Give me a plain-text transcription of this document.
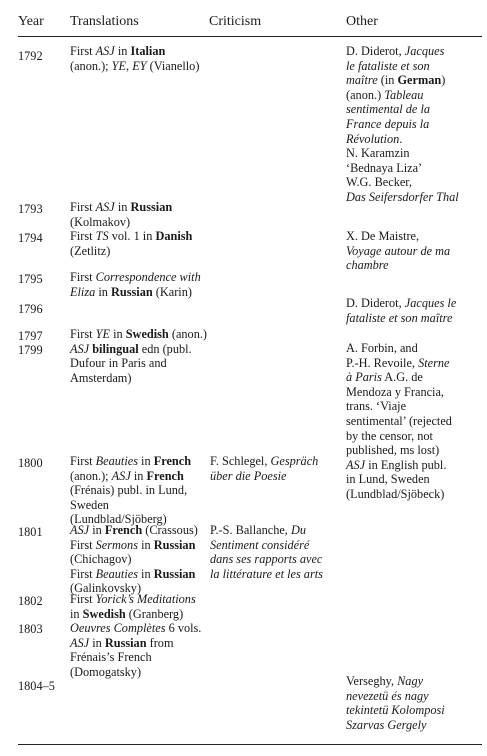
Year Translations	Criticism	Other
1792
1793
1794
1795
1796
1797
1799
1800
1801
1802
1803
1804–5
First ASJ in Italian
(anon.); YE, EY (Vianello)
D. Diderot, Jacques
le fataliste et son
maître (in German)
(anon.) Tableau
sentimental de la
France depuis la
Révolution.
N. Karamzin
‘Bednaya Liza’
W.G. Becker,
Das Seifersdorfer Thal
First ASJ in Russian
(Kolmakov)
First TS vol. 1 in Danish
(Zetlitz)
X. De Maistre,
Voyage autour de ma
chambre
First Correspondence with
Eliza in Russian (Karin)
D. Diderot, Jacques le
fataliste et son maître
First YE in Swedish (anon.)
ASJ bilingual edn (publ.
Dufour in Paris and
Amsterdam)
A. Forbin, and
P.-H. Revoile, Sterne
à Paris A.G. de
Mendoza y Francia,
trans. ‘Viaje
sentimental’ (rejected
by the censor, not
published, ms lost)
ASJ in English publ.
in Lund, Sweden
(Lundblad/Sjöbeck)
First Beauties in French
(anon.); ASJ in French
(Frénais) publ. in Lund,
Sweden
(Lundblad/Sjöberg)
F. Schlegel, Gespräch
über die Poesie
ASJ in French (Crassous)
First Sermons in Russian
(Chichagov)
First Beauties in Russian
(Galinkovsky)
P.-S. Ballanche, Du
Sentiment considéré
dans ses rapports avec
la littérature et les arts
First Yorick’s Meditations
in Swedish (Granberg)
Oeuvres Complètes 6 vols.
ASJ in Russian from
Frénais’s French
(Domogatsky)
Verseghy, Nagy
nevezetü és nagy
tekintetü Kolomposi
Szarvas Gergely
